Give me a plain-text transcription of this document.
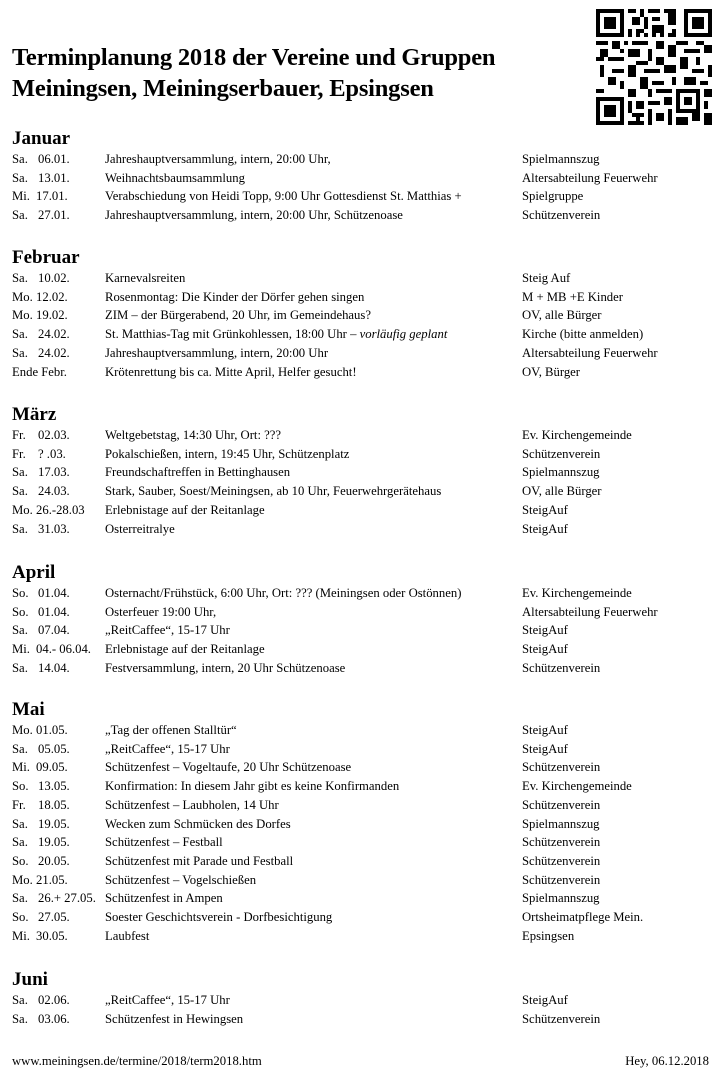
Terminplanung 2018 der Vereine und Gruppen
Meiningsen, Meiningserbauer, Epsingsen
Januar
Sa. 06.01.	Jahreshauptversammlung, intern, 20:00 Uhr,	Spielmannszug
Sa. 13.01.	Weihnachtsbaumsammlung	Altersabteilung Feuerwehr
Mi. 17.01.	Verabschiedung von Heidi Topp, 9:00 Uhr Gottesdienst St. Matthias +	Spielgruppe
Sa. 27.01.	Jahreshauptversammlung, intern, 20:00 Uhr, Schützenoase	Schützenverein
Februar
Sa. 10.02.	Karnevalsreiten	Steig Auf
Mo. 12.02.	Rosenmontag: Die Kinder der Dörfer gehen singen	M + MB +E Kinder
Mo. 19.02.	ZIM – der Bürgerabend, 20 Uhr, im Gemeindehaus?	OV, alle Bürger
Sa. 24.02.	St. Matthias-Tag mit Grünkohlessen, 18:00 Uhr – vorläufig geplant	Kirche (bitte anmelden)
Sa. 24.02.	Jahreshauptversammlung, intern, 20:00 Uhr	Altersabteilung Feuerwehr
Ende Febr.	Krötenrettung bis ca. Mitte April, Helfer gesucht!	OV, Bürger
März
Fr. 02.03.	Weltgebetstag, 14:30 Uhr, Ort: ???	Ev. Kirchengemeinde
Fr. ? .03.	Pokalschießen, intern, 19:45 Uhr, Schützenplatz	Schützenverein
Sa. 17.03.	Freundschaftreffen in Bettinghausen	Spielmannszug
Sa. 24.03.	Stark, Sauber, Soest/Meiningsen, ab 10 Uhr, Feuerwehrgerätehaus	OV, alle Bürger
Mo. 26.-28.03 Erlebnistage auf der Reitanlage	SteigAuf
Sa. 31.03.	Osterreitralye	SteigAuf
April
So. 01.04.	Osternacht/Frühstück, 6:00 Uhr, Ort: ??? (Meiningsen oder Ostönnen)	Ev. Kirchengemeinde
So. 01.04.	Osterfeuer 19:00 Uhr,	Altersabteilung Feuerwehr
Sa. 07.04.	„ReitCaffee“, 15-17 Uhr	SteigAuf
Mi. 04.- 06.04. Erlebnistage auf der Reitanlage	SteigAuf
Sa. 14.04.	Festversammlung, intern, 20 Uhr Schützenoase	Schützenverein
Mai
Mo. 01.05.	„Tag der offenen Stalltür“	SteigAuf
Sa. 05.05.	„ReitCaffee“, 15-17 Uhr	SteigAuf
Mi. 09.05.	Schützenfest – Vogeltaufe, 20 Uhr Schützenoase	Schützenverein
So. 13.05.	Konfirmation: In diesem Jahr gibt es keine Konfirmanden	Ev. Kirchengemeinde
Fr. 18.05.	Schützenfest – Laubholen, 14 Uhr	Schützenverein
Sa. 19.05.	Wecken zum Schmücken des Dorfes	Spielmannszug
Sa. 19.05.	Schützenfest – Festball	Schützenverein
So. 20.05.	Schützenfest mit Parade und Festball	Schützenverein
Mo. 21.05.	Schützenfest – Vogelschießen	Schützenverein
Sa. 26.+ 27.05. Schützenfest in Ampen	Spielmannszug
So. 27.05.	Soester Geschichtsverein - Dorfbesichtigung	Ortsheimatpflege Mein.
Mi. 30.05.	Laubfest	Epsingsen
Juni
Sa. 02.06.	„ReitCaffee“, 15-17 Uhr	SteigAuf
Sa. 03.06.	Schützenfest in Hewingsen	Schützenverein
www.meiningsen.de/termine/2018/term2018.htm	Hey, 06.12.2018
